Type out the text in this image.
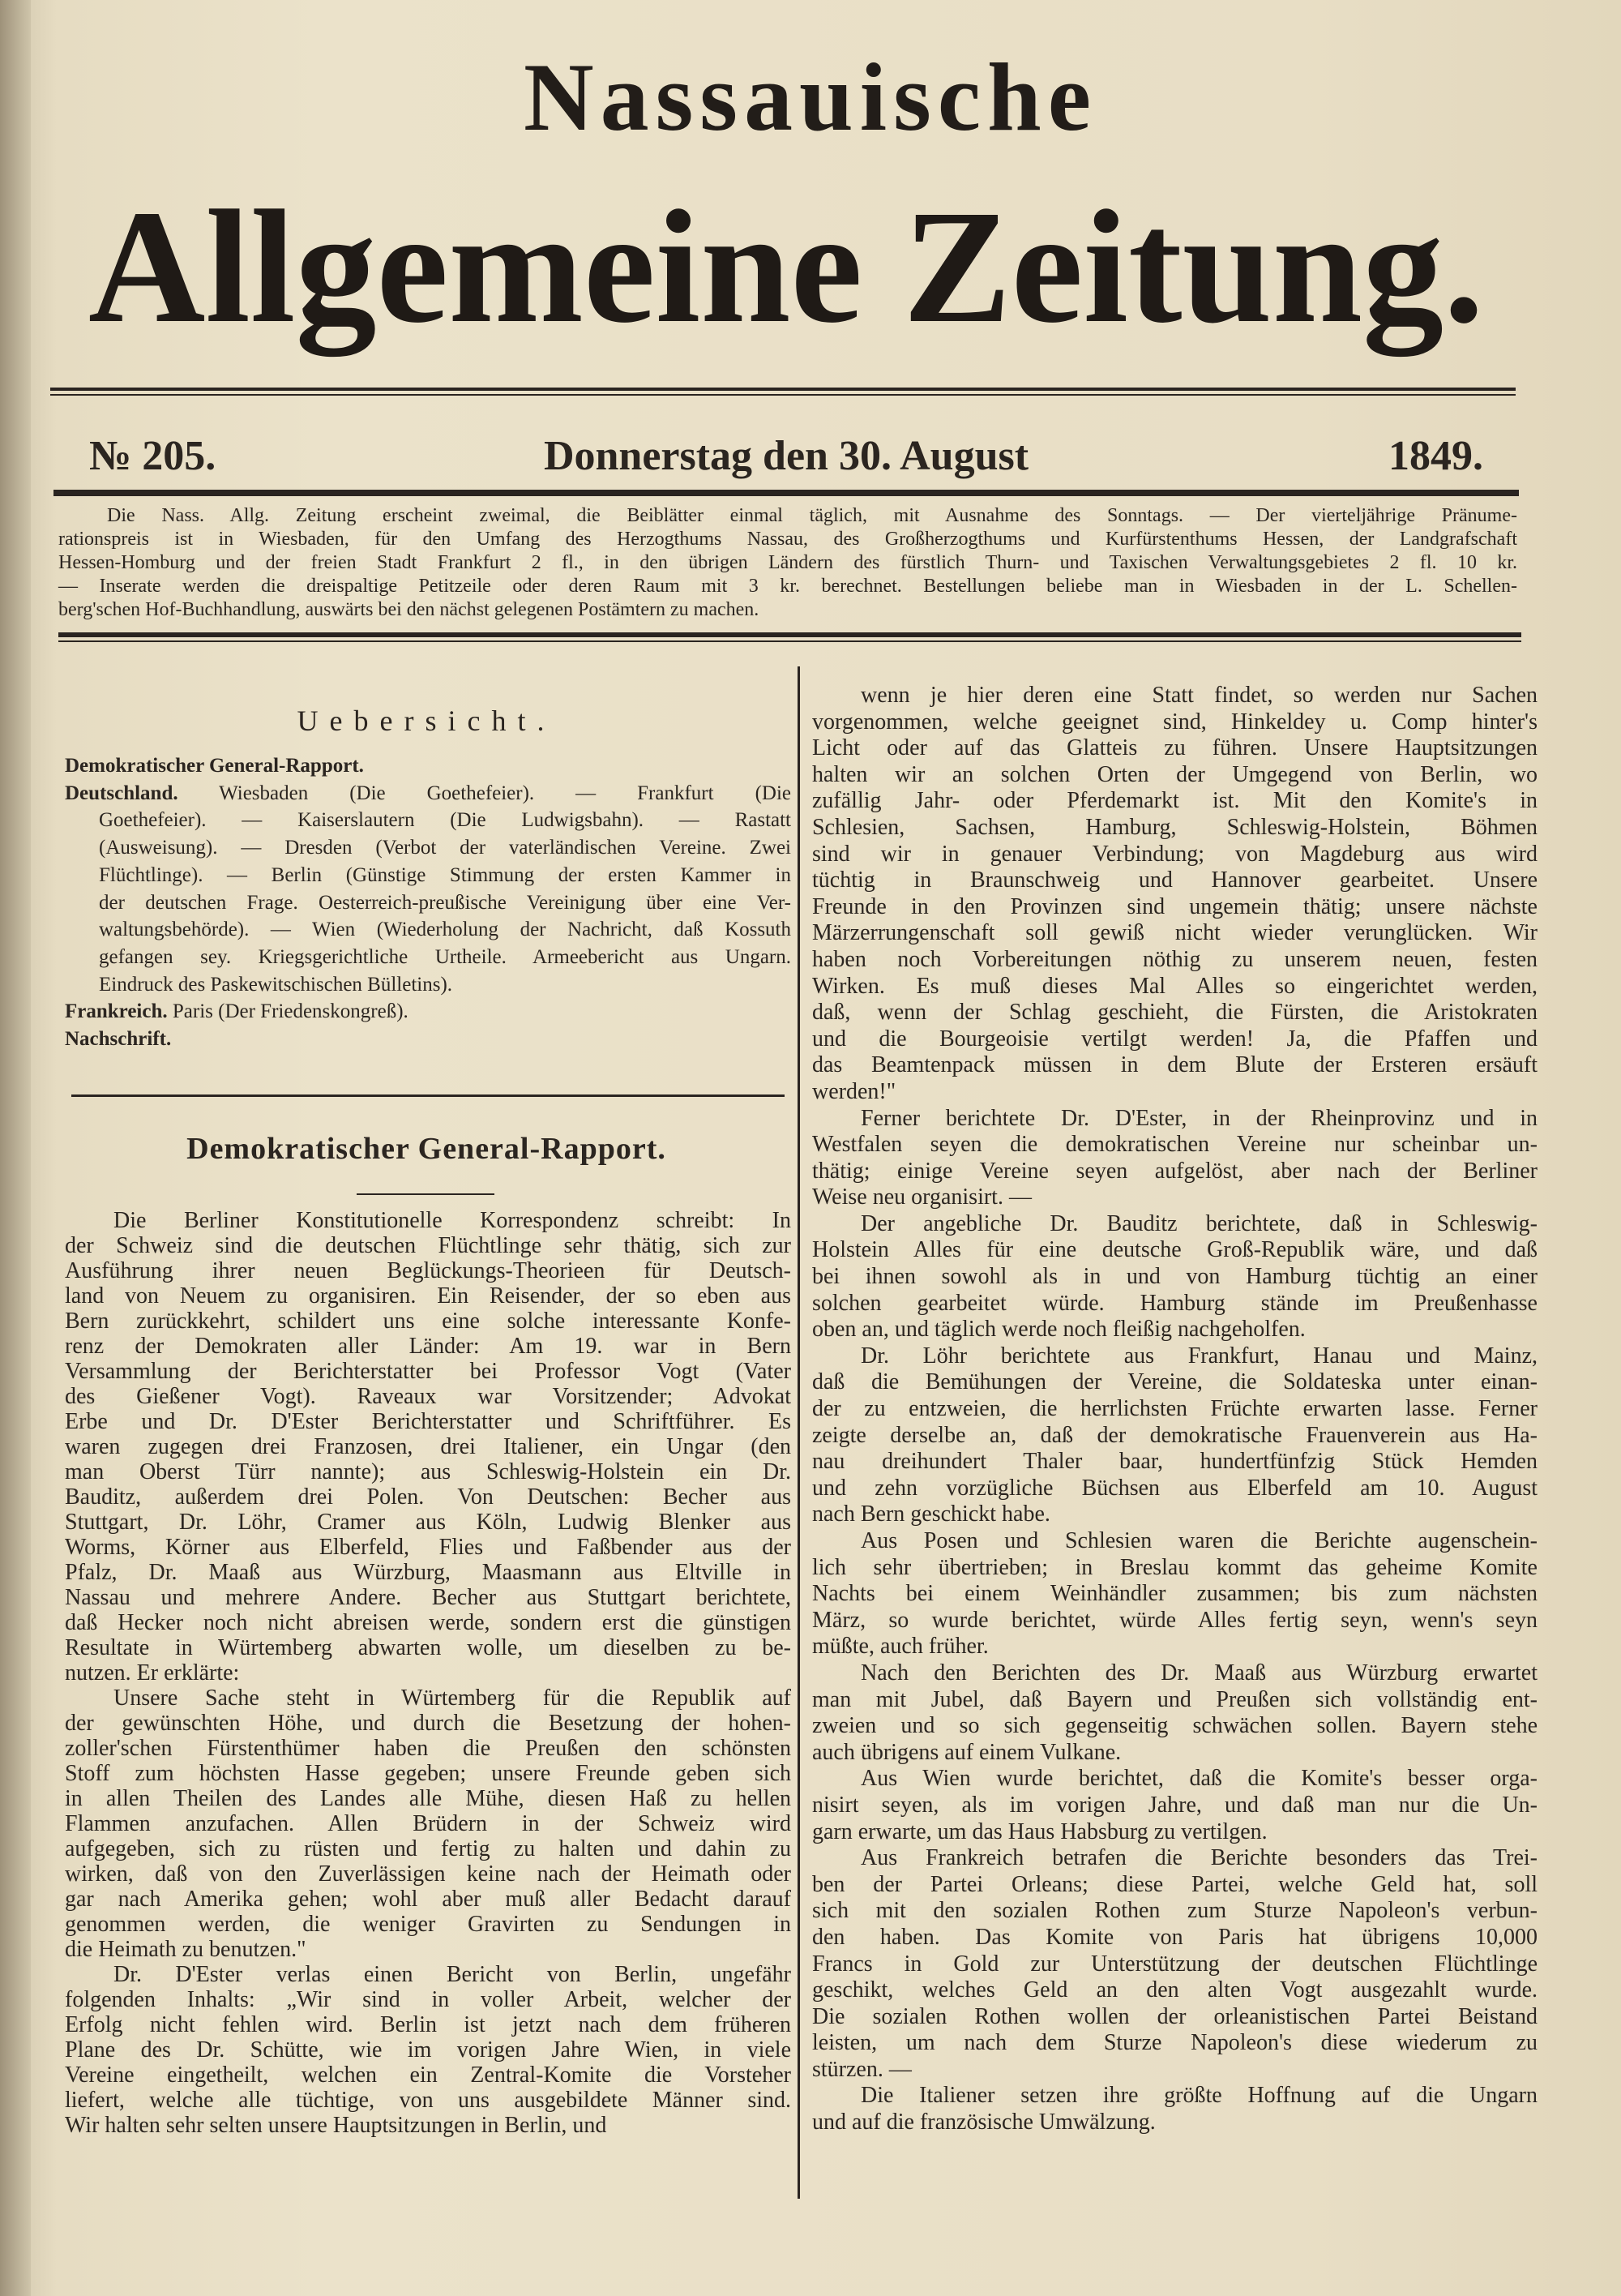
Nassauische
Allgemeine Zeitung.
№ 205.	Donnerstag den 30. August	1849.
Die Nass. Allg. Zeitung erscheint zweimal, die Beiblätter einmal täglich, mit Ausnahme des Sonntags. — Der vierteljährige Pränume-
rationspreis ist in Wiesbaden, für den Umfang des Herzogthums Nassau, des Großherzogthums und Kurfürstenthums Hessen, der Landgrafschaft
Hessen-Homburg und der freien Stadt Frankfurt 2 fl., in den übrigen Ländern des fürstlich Thurn- und Taxischen Verwaltungsgebietes 2 fl. 10 kr.
— Inserate werden die dreispaltige Petitzeile oder deren Raum mit 3 kr. berechnet. Bestellungen beliebe man in Wiesbaden in der L. Schellen-
berg'schen Hof-Buchhandlung, auswärts bei den nächst gelegenen Postämtern zu machen.
Uebersicht.
Demokratischer General-Rapport.
Deutschland. Wiesbaden (Die Goethefeier). — Frankfurt (Die
Goethefeier). — Kaiserslautern (Die Ludwigsbahn). — Rastatt
(Ausweisung). — Dresden (Verbot der vaterländischen Vereine. Zwei
Flüchtlinge). — Berlin (Günstige Stimmung der ersten Kammer in
der deutschen Frage. Oesterreich-preußische Vereinigung über eine Ver-
waltungsbehörde). — Wien (Wiederholung der Nachricht, daß Kossuth
gefangen sey. Kriegsgerichtliche Urtheile. Armeebericht aus Ungarn.
Eindruck des Paskewitschischen Bülletins).
Frankreich. Paris (Der Friedenskongreß).
Nachschrift.
Demokratischer General-Rapport.
Die Berliner Konstitutionelle Korrespondenz schreibt: In
der Schweiz sind die deutschen Flüchtlinge sehr thätig, sich zur
Ausführung ihrer neuen Beglückungs-Theorieen für Deutsch-
land von Neuem zu organisiren. Ein Reisender, der so eben aus
Bern zurückkehrt, schildert uns eine solche interessante Konfe-
renz der Demokraten aller Länder: Am 19. war in Bern
Versammlung der Berichterstatter bei Professor Vogt (Vater
des Gießener Vogt). Raveaux war Vorsitzender; Advokat
Erbe und Dr. D'Ester Berichterstatter und Schriftführer. Es
waren zugegen drei Franzosen, drei Italiener, ein Ungar (den
man Oberst Türr nannte); aus Schleswig-Holstein ein Dr.
Bauditz, außerdem drei Polen. Von Deutschen: Becher aus
Stuttgart, Dr. Löhr, Cramer aus Köln, Ludwig Blenker aus
Worms, Körner aus Elberfeld, Flies und Faßbender aus der
Pfalz, Dr. Maaß aus Würzburg, Maasmann aus Eltville in
Nassau und mehrere Andere. Becher aus Stuttgart berichtete,
daß Hecker noch nicht abreisen werde, sondern erst die günstigen
Resultate in Würtemberg abwarten wolle, um dieselben zu be-
nutzen. Er erklärte:
Unsere Sache steht in Würtemberg für die Republik auf
der gewünschten Höhe, und durch die Besetzung der hohen-
zoller'schen Fürstenthümer haben die Preußen den schönsten
Stoff zum höchsten Hasse gegeben; unsere Freunde geben sich
in allen Theilen des Landes alle Mühe, diesen Haß zu hellen
Flammen anzufachen. Allen Brüdern in der Schweiz wird
aufgegeben, sich zu rüsten und fertig zu halten und dahin zu
wirken, daß von den Zuverlässigen keine nach der Heimath oder
gar nach Amerika gehen; wohl aber muß aller Bedacht darauf
genommen werden, die weniger Gravirten zu Sendungen in
die Heimath zu benutzen."
Dr. D'Ester verlas einen Bericht von Berlin, ungefähr
folgenden Inhalts: „Wir sind in voller Arbeit, welcher der
Erfolg nicht fehlen wird. Berlin ist jetzt nach dem früheren
Plane des Dr. Schütte, wie im vorigen Jahre Wien, in viele
Vereine eingetheilt, welchen ein Zentral-Komite die Vorsteher
liefert, welche alle tüchtige, von uns ausgebildete Männer sind.
Wir halten sehr selten unsere Hauptsitzungen in Berlin, und
wenn je hier deren eine Statt findet, so werden nur Sachen
vorgenommen, welche geeignet sind, Hinkeldey u. Comp hinter's
Licht oder auf das Glatteis zu führen. Unsere Hauptsitzungen
halten wir an solchen Orten der Umgegend von Berlin, wo
zufällig Jahr- oder Pferdemarkt ist. Mit den Komite's in
Schlesien, Sachsen, Hamburg, Schleswig-Holstein, Böhmen
sind wir in genauer Verbindung; von Magdeburg aus wird
tüchtig in Braunschweig und Hannover gearbeitet. Unsere
Freunde in den Provinzen sind ungemein thätig; unsere nächste
Märzerrungenschaft soll gewiß nicht wieder verunglücken. Wir
haben noch Vorbereitungen nöthig zu unserem neuen, festen
Wirken. Es muß dieses Mal Alles so eingerichtet werden,
daß, wenn der Schlag geschieht, die Fürsten, die Aristokraten
und die Bourgeoisie vertilgt werden! Ja, die Pfaffen und
das Beamtenpack müssen in dem Blute der Ersteren ersäuft
werden!"
Ferner berichtete Dr. D'Ester, in der Rheinprovinz und in
Westfalen seyen die demokratischen Vereine nur scheinbar un-
thätig; einige Vereine seyen aufgelöst, aber nach der Berliner
Weise neu organisirt. —
Der angebliche Dr. Bauditz berichtete, daß in Schleswig-
Holstein Alles für eine deutsche Groß-Republik wäre, und daß
bei ihnen sowohl als in und von Hamburg tüchtig an einer
solchen gearbeitet würde. Hamburg stände im Preußenhasse
oben an, und täglich werde noch fleißig nachgeholfen.
Dr. Löhr berichtete aus Frankfurt, Hanau und Mainz,
daß die Bemühungen der Vereine, die Soldateska unter einan-
der zu entzweien, die herrlichsten Früchte erwarten lasse. Ferner
zeigte derselbe an, daß der demokratische Frauenverein aus Ha-
nau dreihundert Thaler baar, hundertfünfzig Stück Hemden
und zehn vorzügliche Büchsen aus Elberfeld am 10. August
nach Bern geschickt habe.
Aus Posen und Schlesien waren die Berichte augenschein-
lich sehr übertrieben; in Breslau kommt das geheime Komite
Nachts bei einem Weinhändler zusammen; bis zum nächsten
März, so wurde berichtet, würde Alles fertig seyn, wenn's seyn
müßte, auch früher.
Nach den Berichten des Dr. Maaß aus Würzburg erwartet
man mit Jubel, daß Bayern und Preußen sich vollständig ent-
zweien und so sich gegenseitig schwächen sollen. Bayern stehe
auch übrigens auf einem Vulkane.
Aus Wien wurde berichtet, daß die Komite's besser orga-
nisirt seyen, als im vorigen Jahre, und daß man nur die Un-
garn erwarte, um das Haus Habsburg zu vertilgen.
Aus Frankreich betrafen die Berichte besonders das Trei-
ben der Partei Orleans; diese Partei, welche Geld hat, soll
sich mit den sozialen Rothen zum Sturze Napoleon's verbun-
den haben. Das Komite von Paris hat übrigens 10,000
Francs in Gold zur Unterstützung der deutschen Flüchtlinge
geschikt, welches Geld an den alten Vogt ausgezahlt wurde.
Die sozialen Rothen wollen der orleanistischen Partei Beistand
leisten, um nach dem Sturze Napoleon's diese wiederum zu
stürzen. —
Die Italiener setzen ihre größte Hoffnung auf die Ungarn
und auf die französische Umwälzung.
